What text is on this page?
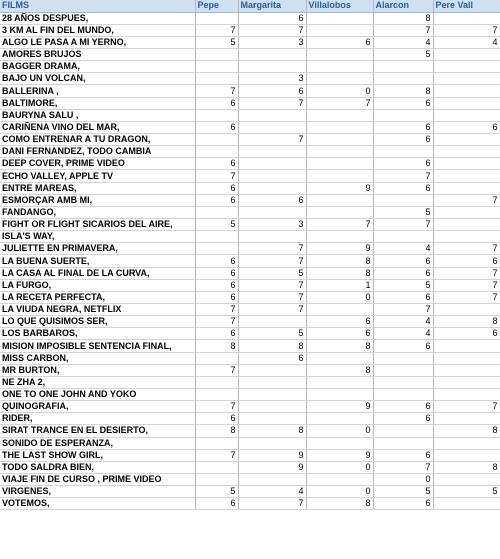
FILMS	Pepe	Margarita	Villalobos	Alarcon	Pere Vall
28 AÑOS DESPUES,		6		8	
3 KM AL FIN DEL MUNDO,	7	7		7	7
ALGO LE PASA A MI YERNO,	5	3	6	4	4
AMORES BRUJOS				5	
BAGGER DRAMA,					
BAJO UN VOLCAN,		3			
BALLERINA ,	7	6	0	8	
BALTIMORE,	6	7	7	6	
BAURYNA SALU ,					
CARIÑENA VINO DEL MAR,	6			6	6
COMO ENTRENAR A TU DRAGON,		7		6	
DANI FERNANDEZ, TODO CAMBIA					
DEEP COVER, PRIME VIDEO	6			6	
ECHO VALLEY, APPLE TV	7			7	
ENTRE MAREAS,	6		9	6	
ESMORÇAR AMB MI,	6	6			7
FANDANGO,				5	
FIGHT OR FLIGHT SICARIOS DEL AIRE,	5	3	7	7	
ISLA'S WAY,					
JULIETTE EN PRIMAVERA,		7	9	4	7
LA BUENA SUERTE,	6	7	8	6	6
LA CASA AL FINAL DE LA CURVA,	6	5	8	6	7
LA FURGO,	6	7	1	5	7
LA RECETA PERFECTA,	6	7	0	6	7
LA VIUDA NEGRA, NETFLIX	7	7		7	
LO QUE QUISIMOS SER,	7		6	4	8
LOS BARBAROS,	6	5	6	4	6
MISION IMPOSIBLE SENTENCIA FINAL,	8	8	8	6	
MISS CARBON,		6			
MR BURTON,	7		8		
NE ZHA 2,					
ONE TO ONE JOHN AND YOKO					
QUINOGRAFIA,	7		9	6	7
RIDER,	6			6	
SIRAT TRANCE EN EL DESIERTO,	8	8	0		8
SONIDO DE ESPERANZA,					
THE LAST SHOW GIRL,	7	9	9	6	
TODO SALDRA BIEN,		9	0	7	8
VIAJE FIN DE CURSO , PRIME VIDEO				0	
VIRGENES,	5	4	0	5	5
VOTEMOS,	6	7	8	6	
